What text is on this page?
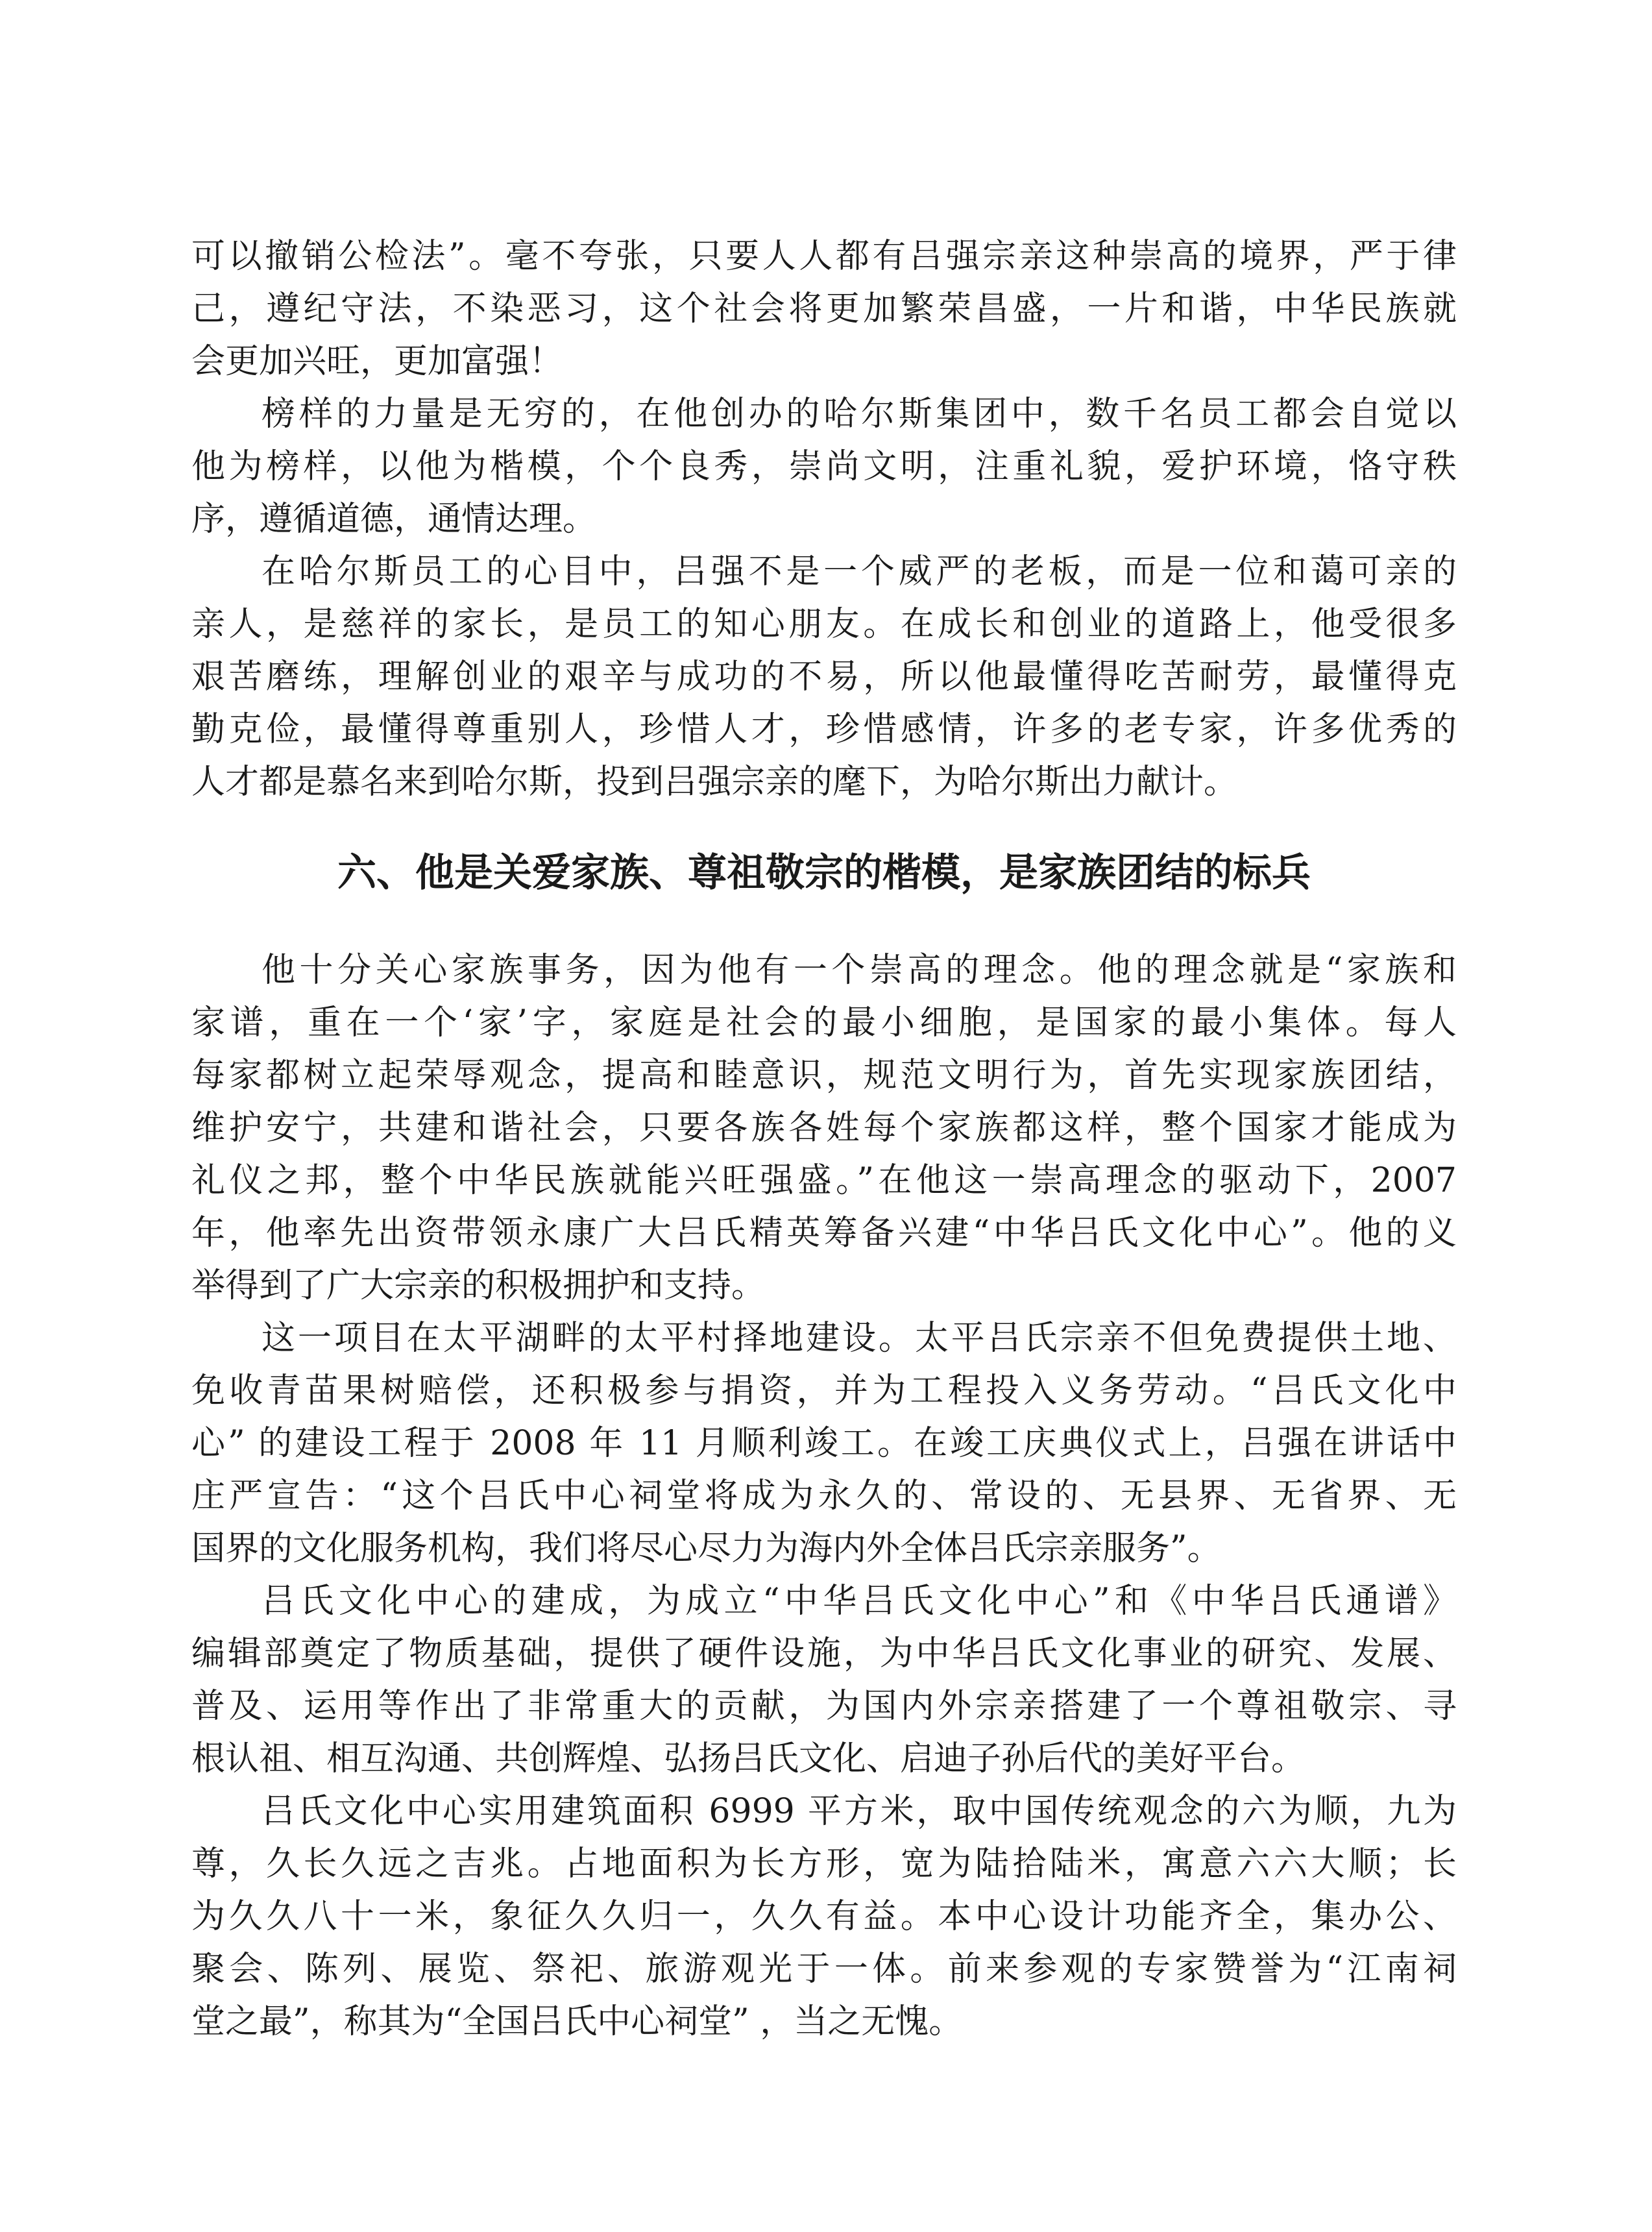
可以撤销公检法”。毫不夸张，只要人人都有吕强宗亲这种崇高的境界，严于律
己，遵纪守法，不染恶习，这个社会将更加繁荣昌盛，一片和谐，中华民族就
会更加兴旺，更加富强！
榜样的力量是无穷的，在他创办的哈尔斯集团中，数千名员工都会自觉以
他为榜样，以他为楷模，个个良秀，崇尚文明，注重礼貌，爱护环境，恪守秩
序，遵循道德，通情达理。
在哈尔斯员工的心目中，吕强不是一个威严的老板，而是一位和蔼可亲的
亲人，是慈祥的家长，是员工的知心朋友。在成长和创业的道路上，他受很多
艰苦磨练，理解创业的艰辛与成功的不易，所以他最懂得吃苦耐劳，最懂得克
勤克俭，最懂得尊重别人，珍惜人才，珍惜感情，许多的老专家，许多优秀的
人才都是慕名来到哈尔斯，投到吕强宗亲的麾下，为哈尔斯出力献计。
六、他是关爱家族、尊祖敬宗的楷模，是家族团结的标兵
他十分关心家族事务，因为他有一个崇高的理念。他的理念就是“家族和
家谱，重在一个‘家’字，家庭是社会的最小细胞，是国家的最小集体。每人
每家都树立起荣辱观念，提高和睦意识，规范文明行为，首先实现家族团结，
维护安宁，共建和谐社会，只要各族各姓每个家族都这样，整个国家才能成为
礼仪之邦，整个中华民族就能兴旺强盛。”在他这一崇高理念的驱动下，2007
年，他率先出资带领永康广大吕氏精英筹备兴建“中华吕氏文化中心”。他的义
举得到了广大宗亲的积极拥护和支持。
这一项目在太平湖畔的太平村择地建设。太平吕氏宗亲不但免费提供土地、
免收青苗果树赔偿，还积极参与捐资，并为工程投入义务劳动。“吕氏文化中
心” 的建设工程于 2008 年 11 月顺利竣工。在竣工庆典仪式上，吕强在讲话中
庄严宣告：“这个吕氏中心祠堂将成为永久的、常设的、无县界、无省界、无
国界的文化服务机构，我们将尽心尽力为海内外全体吕氏宗亲服务”。
吕氏文化中心的建成，为成立“中华吕氏文化中心”和《中华吕氏通谱》
编辑部奠定了物质基础，提供了硬件设施，为中华吕氏文化事业的研究、发展、
普及、运用等作出了非常重大的贡献，为国内外宗亲搭建了一个尊祖敬宗、寻
根认祖、相互沟通、共创辉煌、弘扬吕氏文化、启迪子孙后代的美好平台。
吕氏文化中心实用建筑面积 6999 平方米，取中国传统观念的六为顺，九为
尊，久长久远之吉兆。占地面积为长方形，宽为陆拾陆米，寓意六六大顺；长
为久久八十一米，象征久久归一，久久有益。本中心设计功能齐全，集办公、
聚会、陈列、展览、祭祀、旅游观光于一体。前来参观的专家赞誉为“江南祠
堂之最”，称其为“全国吕氏中心祠堂” ，当之无愧。
